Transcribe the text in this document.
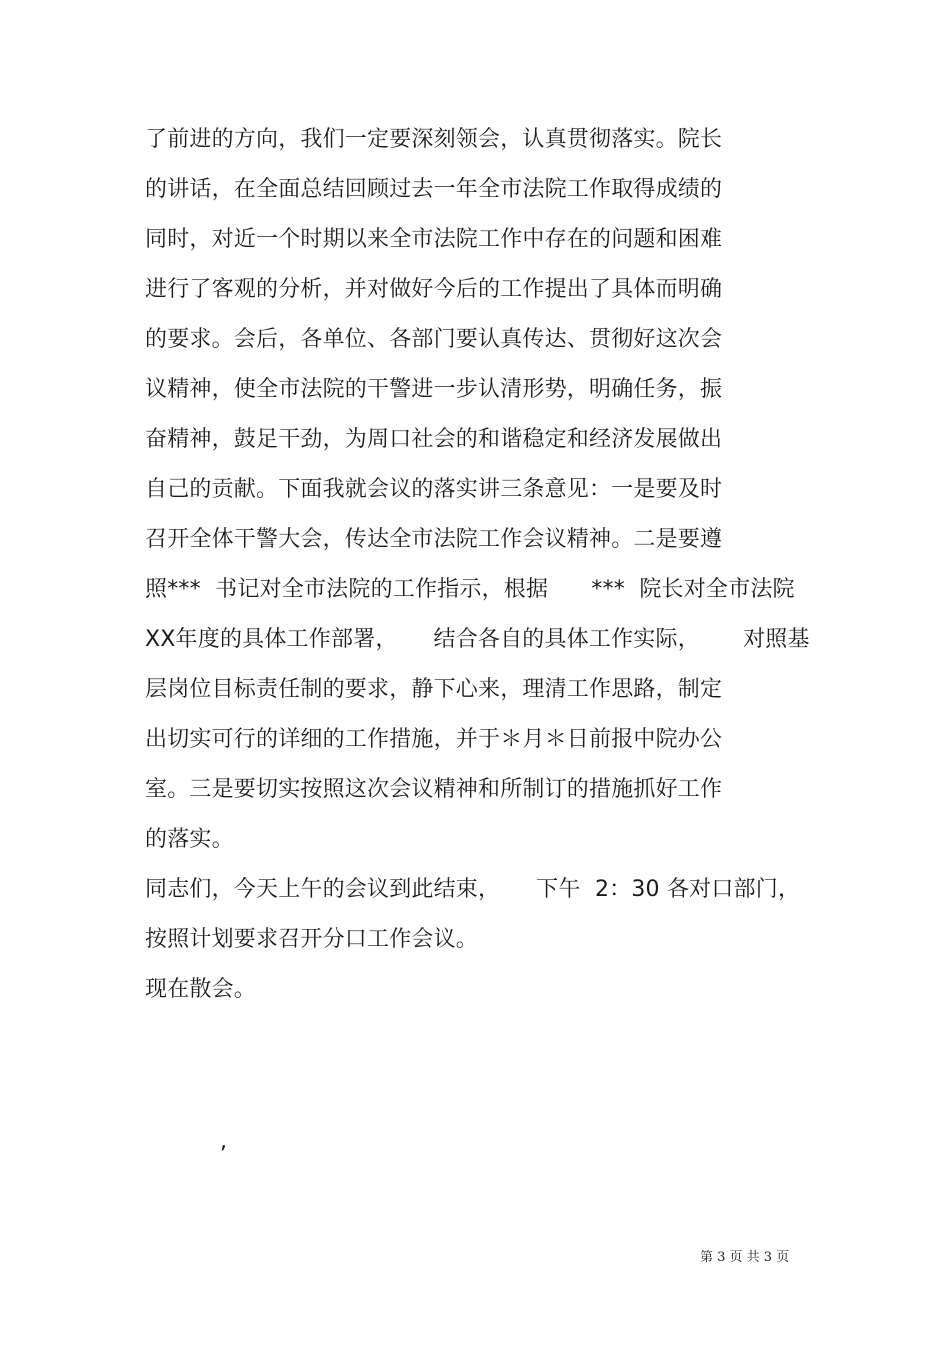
了前进的方向，我们一定要深刻领会，认真贯彻落实。院长
的讲话，在全面总结回顾过去一年全市法院工作取得成绩的
同时，对近一个时期以来全市法院工作中存在的问题和困难
进行了客观的分析，并对做好今后的工作提出了具体而明确
的要求。会后，各单位、各部门要认真传达、贯彻好这次会
议精神，使全市法院的干警进一步认清形势，明确任务，振
奋精神，鼓足干劲，为周口社会的和谐稳定和经济发展做出
自己的贡献。下面我就会议的落实讲三条意见：一是要及时
召开全体干警大会，传达全市法院工作会议精神。二是要遵
照***  书记对全市法院的工作指示，根据      ***  院长对全市法院
XX年度的具体工作部署，     结合各自的具体工作实际，      对照基
层岗位目标责任制的要求，静下心来，理清工作思路，制定
出切实可行的详细的工作措施，并于＊月＊日前报中院办公
室。三是要切实按照这次会议精神和所制订的措施抓好工作
的落实。
同志们，今天上午的会议到此结束，     下午  2：30 各对口部门，
按照计划要求召开分口工作会议。
现在散会。
,
第 3 页 共 3 页
